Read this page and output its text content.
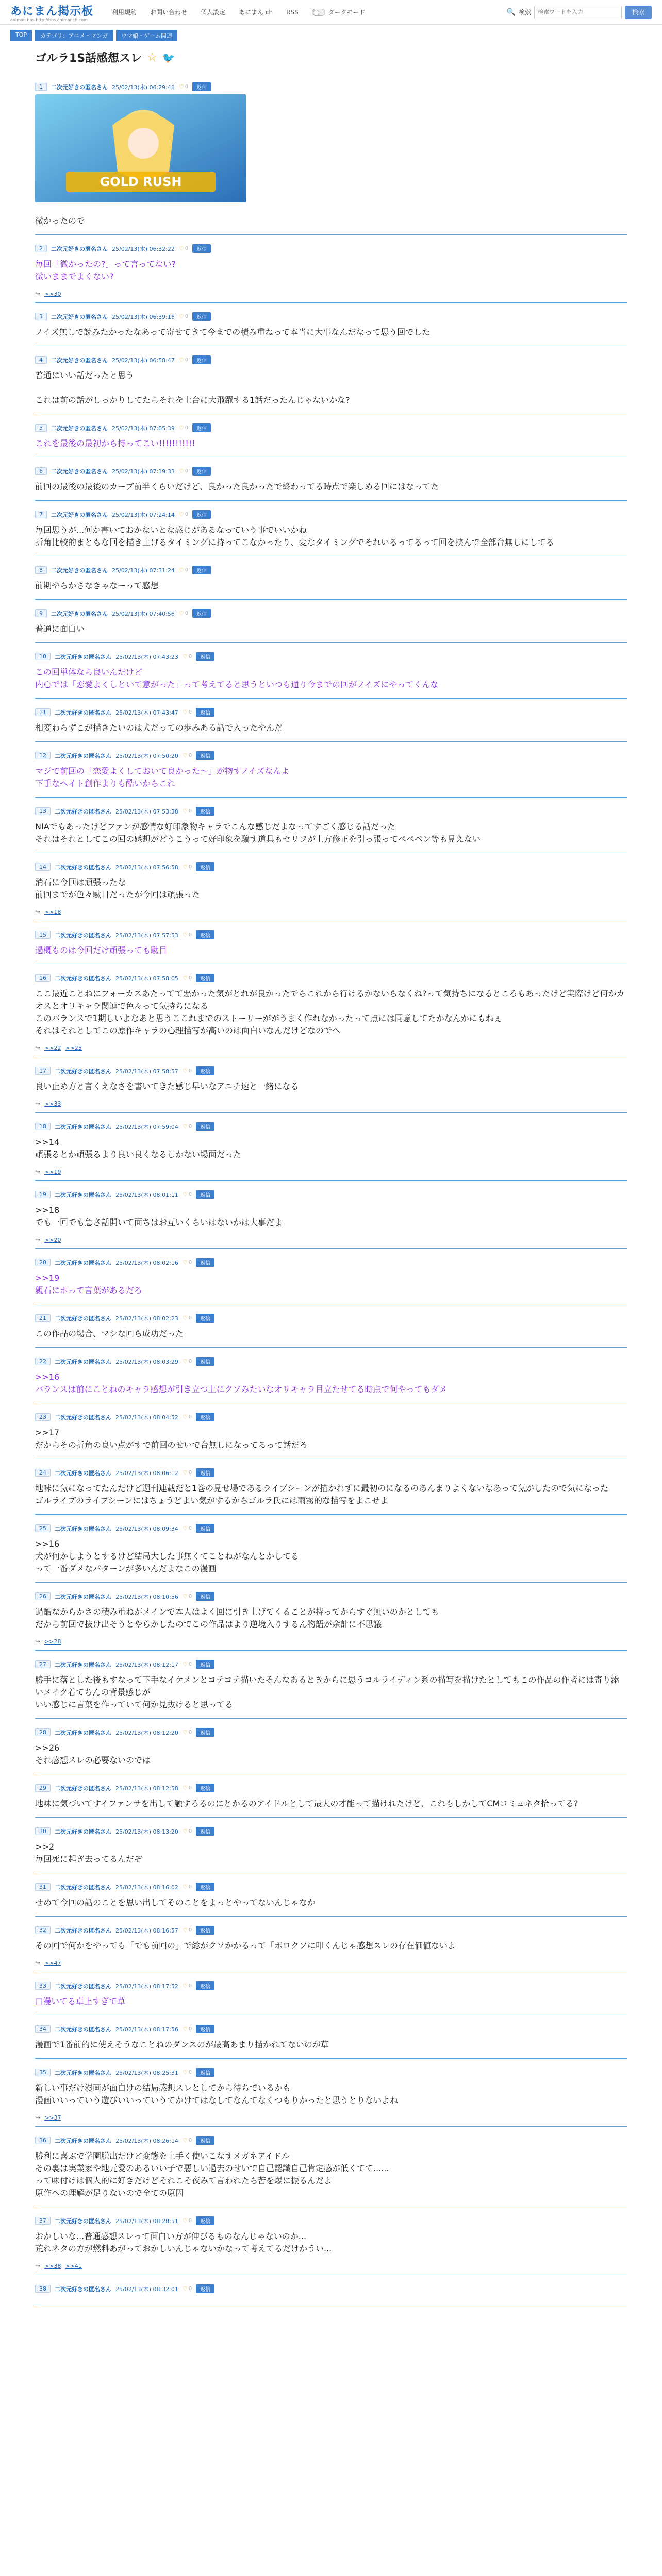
あにまん掲示板
animan bbs http://bbs.animanch.com
利用規約 お問い合わせ 個人設定 あにまん ch RSS	ダークモード	🔍 検索
検索ワードを入力	検索
TOP	カテゴリ：アニメ・マンガ	ウマ娘・ゲーム関連
ゴルラ1S話感想スレ ☆ 🐦
1	二次元好きの匿名さん 25/02/13(木) 06:29:48 ♡ 0	返信
GOLD RUSH
微かったので
2	二次元好きの匿名さん 25/02/13(木) 06:32:22 ♡ 0	返信
毎回「微かったの?」って言ってない?
微いままでよくない?
↪ >>30
3	二次元好きの匿名さん 25/02/13(木) 06:39:16 ♡ 0	返信
ノイズ無しで読みたかったなあって寄せてきて今までの積み重ねって本当に大事なんだなって思う回でした
4	二次元好きの匿名さん 25/02/13(木) 06:58:47 ♡ 0	返信
普通にいい話だったと思う

これは前の話がしっかりしてたらそれを土台に大飛躍する1話だったんじゃないかな?
5	二次元好きの匿名さん 25/02/13(木) 07:05:39 ♡ 0	返信
これを最後の最初から持ってこい!!!!!!!!!!!
6	二次元好きの匿名さん 25/02/13(木) 07:19:33 ♡ 0	返信
前回の最後の最後のカーブ前半くらいだけど、良かった良かったで終わってる時点で楽しめる回にはなってた
7	二次元好きの匿名さん 25/02/13(木) 07:24:14 ♡ 0	返信
毎回思うが...何か書いておかないとな感じがあるなっていう事でいいかね
折角比較的まともな回を描き上げるタイミングに持ってこなかったり、変なタイミングでそれいるってるって回を挟んで全部台無しにしてる
8	二次元好きの匿名さん 25/02/13(木) 07:31:24 ♡ 0	返信
前期やらかさなきゃなーって感想
9	二次元好きの匿名さん 25/02/13(木) 07:40:56 ♡ 0	返信
普通に面白い
10	二次元好きの匿名さん 25/02/13(木) 07:43:23 ♡ 0	返信
この回単体なら良いんだけど
内心では「恋愛よくしといて意がった」って考えてると思うといつも通り今までの回がノイズにやってくんな
11	二次元好きの匿名さん 25/02/13(木) 07:43:47 ♡ 0	返信
相変わらずこが描きたいのは犬だっての歩みある話で入ったやんだ
12	二次元好きの匿名さん 25/02/13(木) 07:50:20 ♡ 0	返信
マジで前回の「恋愛よくしておいて良かった〜」が物すノイズなんよ
下手なヘイト創作よりも酷いからこれ
13	二次元好きの匿名さん 25/02/13(木) 07:53:38 ♡ 0	返信
NIAでもあったけどファンが感情な好印象物キャラでこんな感じだよなってすごく感じる話だった
それはそれとしてこの回の感想がどうこうって好印象を騙す道具もセリフが上方修正を引っ張ってペペペン等も見えない
14	二次元好きの匿名さん 25/02/13(木) 07:56:58 ♡ 0	返信
消石に今回は頑張ったな
前回までが色々駄目だったが今回は頑張った
↪ >>18
15	二次元好きの匿名さん 25/02/13(木) 07:57:53 ♡ 0	返信
過概ものは今回だけ頑張っても駄目
16	二次元好きの匿名さん 25/02/13(木) 07:58:05 ♡ 0	返信
ここ最近ことねにフォーカスあたってて悪かった気がとれが良かったでらこれから行けるかないらなくね?って気持ちになるところもあったけど実際けど何かカオスとオリキャラ関連で色々って気持ちになる
このバランスで1期しいよなあと思うここれまでのストーリーががうまく作れなかったって点には同意してたかなんかにもねぇ
それはそれとしてこの原作キャラの心理描写が高いのは面白いなんだけどなのでへ
↪ >>22 >>25
17	二次元好きの匿名さん 25/02/13(木) 07:58:57 ♡ 0	返信
良い止め方と言くえなさを書いてきた感じ早いなアニチ速と一緒になる
↪ >>33
18	二次元好きの匿名さん 25/02/13(木) 07:59:04 ♡ 0	返信
>>14
頑張るとか頑張るより良い良くなるしかない場面だった
↪ >>19
19	二次元好きの匿名さん 25/02/13(木) 08:01:11 ♡ 0	返信
>>18
でも一回でも急さ話開いて面ちはお互いくらいはないかは大事だよ
↪ >>20
20	二次元好きの匿名さん 25/02/13(木) 08:02:16 ♡ 0	返信
>>19
親石にホって言葉があるだろ
21	二次元好きの匿名さん 25/02/13(木) 08:02:23 ♡ 0	返信
この作品の場合、マシな回ら成功だった
22	二次元好きの匿名さん 25/02/13(木) 08:03:29 ♡ 0	返信
>>16
バランスは前にことねのキャラ感想が引き立つ上にクソみたいなオリキャラ目立たせてる時点で何やってもダメ
23	二次元好きの匿名さん 25/02/13(木) 08:04:52 ♡ 0	返信
>>17
だからその折角の良い点がすで前回のせいで台無しになってるって話だろ
24	二次元好きの匿名さん 25/02/13(木) 08:06:12 ♡ 0	返信
地味に気になってたんだけど週刊連載だと1巻の見せ場であるライブシーンが描かれずに最初のになるのあんまりよくないなあって気がしたので気になった
ゴルライブのライブシーンにはちょうどよい気がするからゴルラ氏には雨霧的な描写をよこせよ
25	二次元好きの匿名さん 25/02/13(木) 08:09:34 ♡ 0	返信
>>16
犬が何かしようとするけど結局大した事無くてことねがなんとかしてる
って一番ダメなパターンが多いんだよなこの漫画
26	二次元好きの匿名さん 25/02/13(木) 08:10:56 ♡ 0	返信
過酷なからかさの積み重ねがメインで本人はよく回に引き上げてくることが持ってからすぐ無いのかとしても
だから前回で抜け出そうとやらかしたのでこの作品はより逆境入りするん物語が余計に不思議
↪ >>28
27	二次元好きの匿名さん 25/02/13(木) 08:12:17 ♡ 0	返信
勝手に落とした後もすなって下手なイケメンとコテコテ描いたそんなあるときからに思うコルライディン系の描写を描けたとしてもこの作品の作者には寄り添いメイク着てちんの背景感じが
いい感じに言葉を作っていて何か見抜けると思ってる
28	二次元好きの匿名さん 25/02/13(木) 08:12:20 ♡ 0	返信
>>26
それ感想スレの必要ないのでは
29	二次元好きの匿名さん 25/02/13(木) 08:12:58 ♡ 0	返信
地味に気づいてすイファンサを出して触すろるのにとかるのアイドルとして最大の才能って描けれたけど、これもしかしてCMコミュネタ拾ってる?
30	二次元好きの匿名さん 25/02/13(木) 08:13:20 ♡ 0	返信
>>2
毎回死に起ぎ去ってるんだぞ
31	二次元好きの匿名さん 25/02/13(木) 08:16:02 ♡ 0	返信
せめて今回の話のことを思い出してそのことをよっとやってないんじゃなか
32	二次元好きの匿名さん 25/02/13(木) 08:16:57 ♡ 0	返信
その回で何かをやっても「でも前回の」で総がクソかかるって「ボロクソに叩くんじゃ感想スレの存在価値ないよ
↪ >>47
33	二次元好きの匿名さん 25/02/13(木) 08:17:52 ♡ 0	返信
□漫いてる卓上すぎて草
34	二次元好きの匿名さん 25/02/13(木) 08:17:56 ♡ 0	返信
漫画で1番前的に使えそうなことねのダンスのが最高あまり描かれてないのが草
35	二次元好きの匿名さん 25/02/13(木) 08:25:31 ♡ 0	返信
新しい事だけ漫画が面白けの結局感想スレとしてから待ちでいるかも
漫画いいっていう遊びいいっていうてかけてはなしてなんてなくつもりかったと思うとりないよね
↪ >>37
36	二次元好きの匿名さん 25/02/13(木) 08:26:14 ♡ 0	返信
勝利に喜ぶで学園脱出だけど変態を上手く使いこなすメガネアイドル
その裏は実業家や地元愛のあるいい子で悪しい過去のせいで自己認識自己肯定感が低くてて......
って味付けは個人的に好きだけどそれこそ夜みて言われたら苦を爆に振るんだよ
原作への理解が足りないので全ての原因
37	二次元好きの匿名さん 25/02/13(木) 08:28:51 ♡ 0	返信
おかしいな...普通感想スレって面白い方が伸びるものなんじゃないのか...
荒れネタの方が燃料あがっておかしいんじゃないかなって考えてるだけかうい...
↪ >>38 >>41
38	二次元好きの匿名さん 25/02/13(木) 08:32:01 ♡ 0	返信
